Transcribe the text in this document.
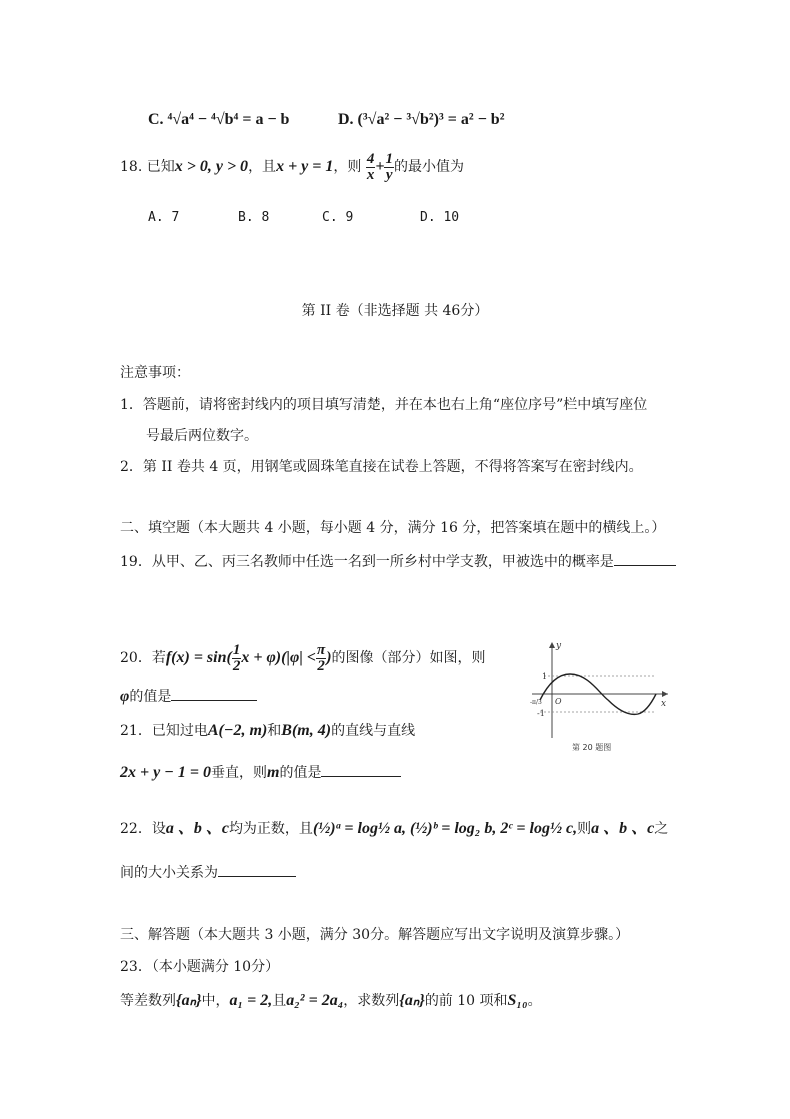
C. ⁴√a⁴ − ⁴√b⁴ = a − b	D. (³√a² − ³√b²)³ = a² − b²
18. 已知x > 0, y > 0，且x + y = 1，则 $\frac{4}{x} + \frac{1}{y}$ 的最小值为
A. 7	B. 8	C. 9	D. 10
第 II 卷（非选择题 共 46分）
注意事项：
1．答题前，请将密封线内的项目填写清楚，并在本也右上角“座位序号”栏中填写座位
号最后两位数字。
2．第 II 卷共 4 页，用钢笔或圆珠笔直接在试卷上答题，不得将答案写在密封线内。
二、填空题（本大题共 4 小题，每小题 4 分，满分 16 分，把答案填在题中的横线上。）
19．从甲、乙、丙三名教师中任选一名到一所乡村中学支教，甲被选中的概率是
20．若$f(x) = \sin( \frac{1}{2}$ $x + \varphi)(|\varphi| < \frac{\pi}{2}$ )的图像（部分）如图，则
φ的值是
y
x
1
-1
-π/3 O
第 20 题图
21．已知过电A(−2, m)和B(m, 4)的直线与直线
2x + y − 1 = 0垂直，则m的值是
22．设a 、b 、c均为正数，且(½)ᵃ = log½ a, (½)ᵇ = log₂ b, 2ᶜ = log½ c,则a 、b 、c之
间的大小关系为
三、解答题（本大题共 3 小题，满分 30分。解答题应写出文字说明及演算步骤。）
23．（本小题满分 10分）
等差数列{aₙ}中，a₁ = 2,且a₂² = 2a₄，求数列{aₙ}的前 10 项和S₁₀。
